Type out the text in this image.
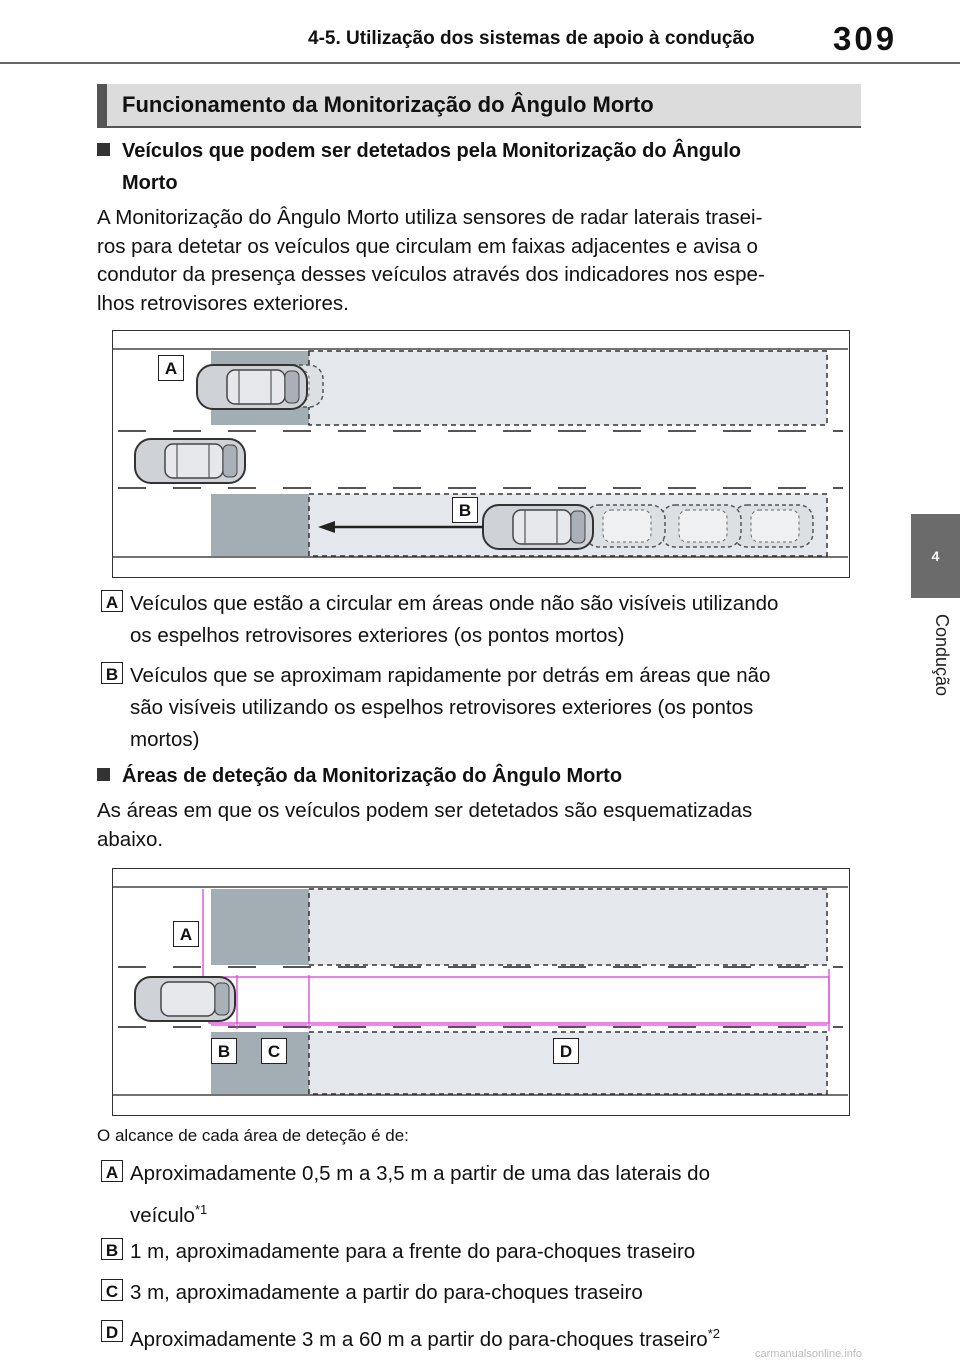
4-5. Utilização dos sistemas de apoio à condução 309
4
Condução
Funcionamento da Monitorização do Ângulo Morto
Veículos que podem ser detetados pela Monitorização do Ângulo
Morto
A Monitorização do Ângulo Morto utiliza sensores de radar laterais trasei-
ros para detetar os veículos que circulam em faixas adjacentes e avisa o
condutor da presença desses veículos através dos indicadores nos espe-
lhos retrovisores exteriores.
A
B
A Veículos que estão a circular em áreas onde não são visíveis utilizando
os espelhos retrovisores exteriores (os pontos mortos)
B Veículos que se aproximam rapidamente por detrás em áreas que não
são visíveis utilizando os espelhos retrovisores exteriores (os pontos
mortos)
Áreas de deteção da Monitorização do Ângulo Morto
As áreas em que os veículos podem ser detetados são esquematizadas
abaixo.
A
B	C	D
O alcance de cada área de deteção é de:
A Aproximadamente 0,5 m a 3,5 m a partir de uma das laterais do
veículo$^{*1}$
B 1 m, aproximadamente para a frente do para-choques traseiro
C 3 m, aproximadamente a partir do para-choques traseiro
D Aproximadamente 3 m a 60 m a partir do para-choques traseiro$^{*2}$
carmanualsonline.info
